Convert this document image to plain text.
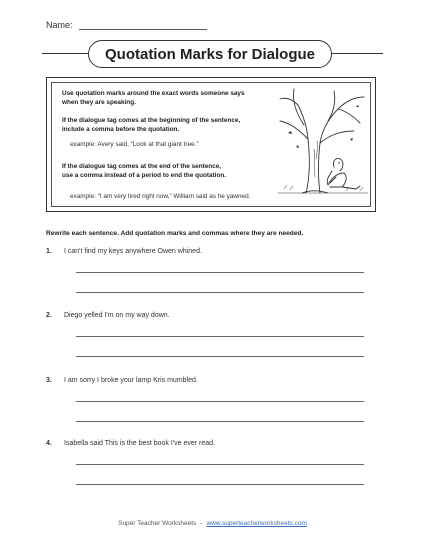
Name:
Quotation Marks for Dialogue
Use quotation marks around the exact words someone says
when they are speaking.
If the dialogue tag comes at the beginning of the sentence,
include a comma before the quotation.
example: Avery said, “Look at that giant tree.”
If the dialogue tag comes at the end of the sentence,
use a comma instead of a period to end the quotation.
example: “I am very tired right now,” William said as he yawned.
Rewrite each sentence. Add quotation marks and commas where they are needed.
1. I can't find my keys anywhere Owen whined.
2. Diego yelled I'm on my way down.
3. I am sorry I broke your lamp Kris mumbled.
4. Isabella said This is the best book I've ever read.
Super Teacher Worksheets - www.superteacherworksheets.com
